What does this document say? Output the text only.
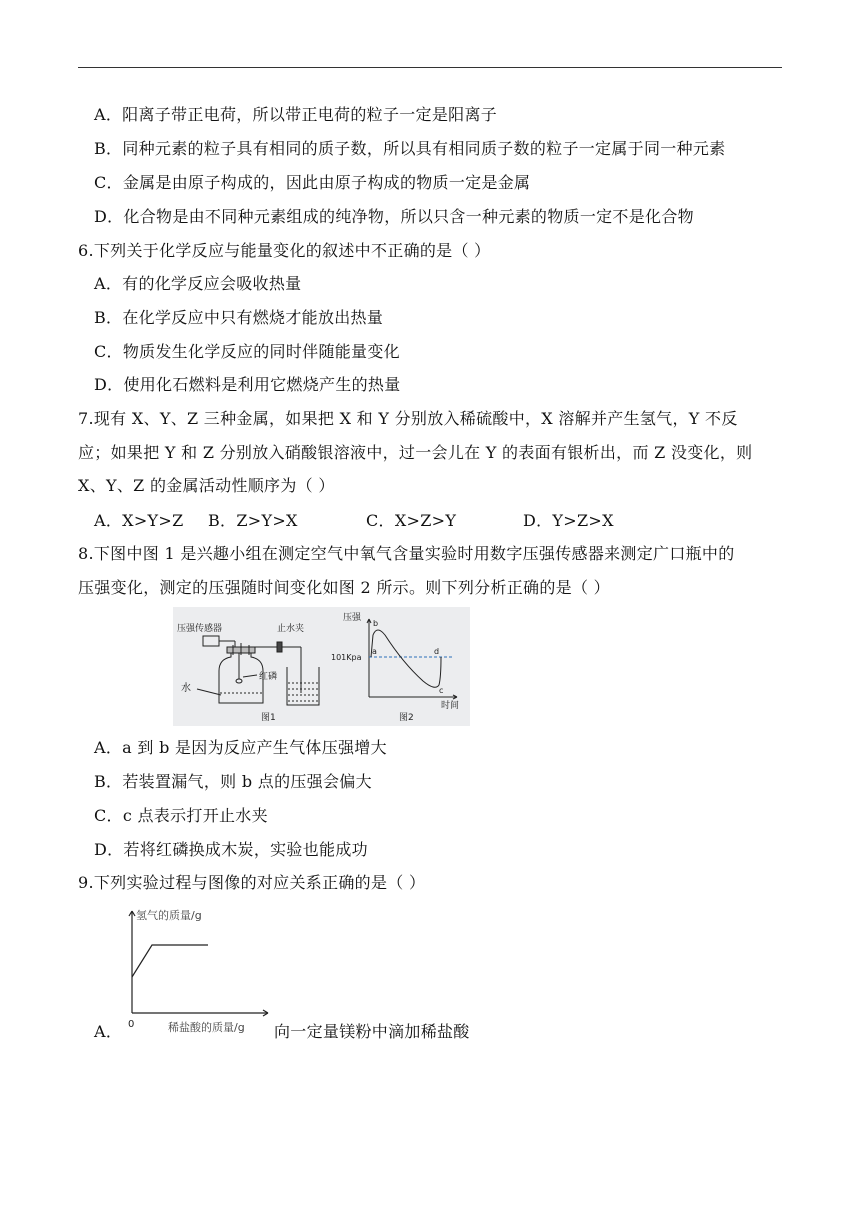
A．阳离子带正电荷，所以带正电荷的粒子一定是阳离子
B．同种元素的粒子具有相同的质子数，所以具有相同质子数的粒子一定属于同一种元素
C．金属是由原子构成的，因此由原子构成的物质一定是金属
D．化合物是由不同种元素组成的纯净物，所以只含一种元素的物质一定不是化合物
6.下列关于化学反应与能量变化的叙述中不正确的是（ ）
A．有的化学反应会吸收热量
B．在化学反应中只有燃烧才能放出热量
C．物质发生化学反应的同时伴随能量变化
D．使用化石燃料是利用它燃烧产生的热量
7.现有 X、Y、Z 三种金属，如果把 X 和 Y 分别放入稀硫酸中，X 溶解并产生氢气，Y 不反
应；如果把 Y 和 Z 分别放入硝酸银溶液中，过一会儿在 Y 的表面有银析出，而 Z 没变化，则
X、Y、Z 的金属活动性顺序为（ ）
A．X>Y>Z B．Z>Y>X	C．X>Z>Y	D．Y>Z>X
8.下图中图 1 是兴趣小组在测定空气中氧气含量实验时用数字压强传感器来测定广口瓶中的
压强变化，测定的压强随时间变化如图 2 所示。则下列分析正确的是（ ）
压强传感器	止水夹
红磷
水
图1
压强
时间
101Kpa
a
b
c
d
图2
A．a 到 b 是因为反应产生气体压强增大
B．若装置漏气，则 b 点的压强会偏大
C．c 点表示打开止水夹
D．若将红磷换成木炭，实验也能成功
9.下列实验过程与图像的对应关系正确的是（ ）
氢气的质量/g
稀盐酸的质量/g
0
A．	向一定量镁粉中滴加稀盐酸
